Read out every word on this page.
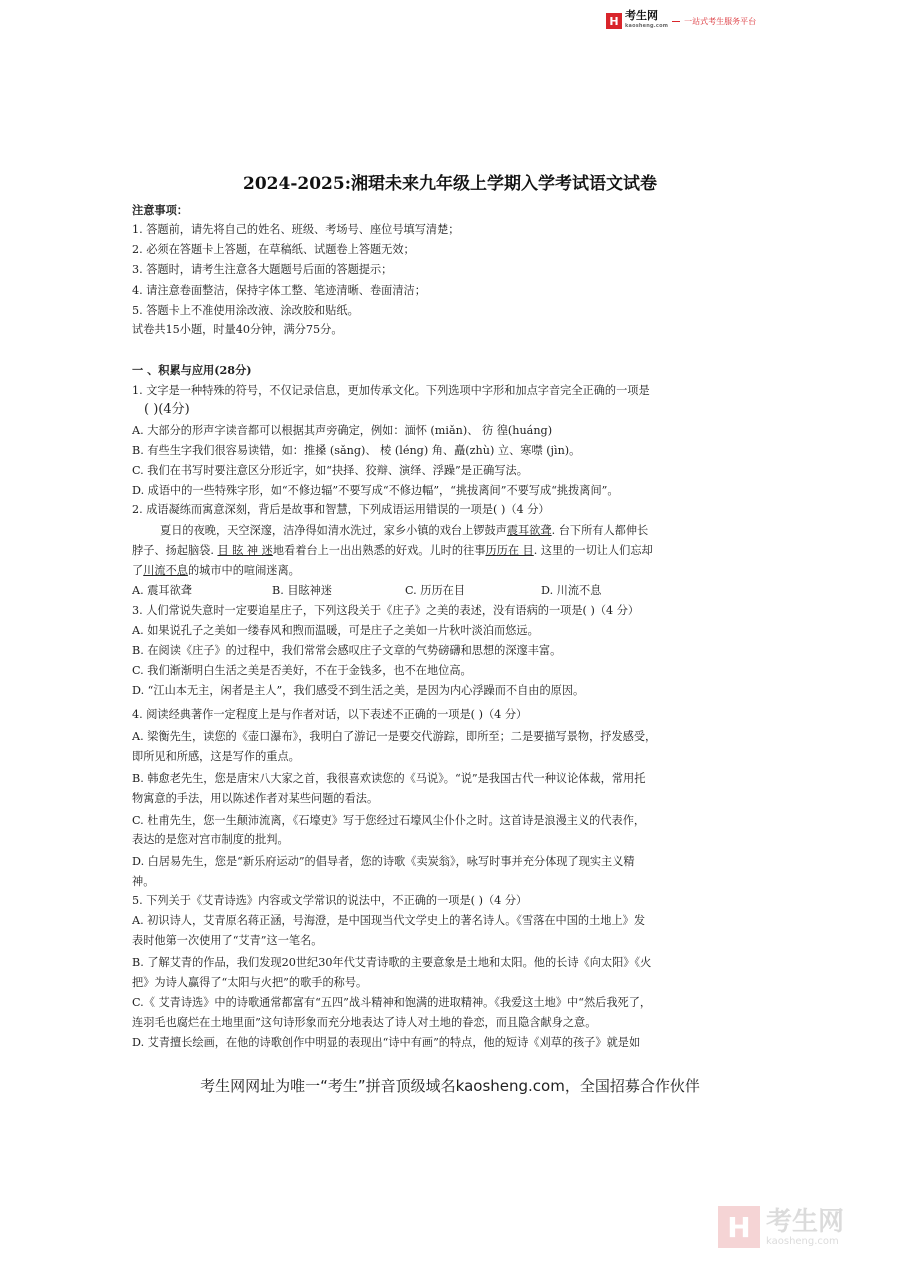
H 考生网
kaosheng.com
一站式考生服务平台
2024-2025:湘珺未来九年级上学期入学考试语文试卷
注意事项：
1. 答题前，请先将自己的姓名、班级、考场号、座位号填写清楚；
2. 必须在答题卡上答题，在草稿纸、试题卷上答题无效；
3. 答题时，请考生注意各大题题号后面的答题提示；
4. 请注意卷面整洁，保持字体工整、笔迹清晰、卷面清洁；
5. 答题卡上不准使用涂改液、涂改胶和贴纸。
试卷共15小题，时量40分钟，满分75分。
一 、积累与应用(28分)
1. 文字是一种特殊的符号，不仅记录信息，更加传承文化。下列选项中字形和加点字音完全正确的一项是
( )(4分)
A. 大部分的形声字读音都可以根据其声旁确定，例如：湎怀 (miǎn)、 彷 徨(huáng)
B. 有些生字我们很容易读错，如：推搡 (sǎng)、 棱 (léng) 角、矗(zhù) 立、寒噤 (jìn)。
C. 我们在书写时要注意区分形近字，如“抉择、狡辩、演绎、浮躁”是正确写法。
D. 成语中的一些特殊字形，如“不修边辐”不要写成“不修边幅”，“挑拔离间”不要写成“挑拨离间”。
2. 成语凝练而寓意深刻，背后是故事和智慧，下列成语运用错误的一项是( )（4 分）
夏日的夜晚，天空深邃，洁净得如清水洗过，家乡小镇的戏台上锣鼓声震耳欲聋. 台下所有人都伸长
脖子、扬起脑袋. 目 眩 神 迷地看着台上一出出熟悉的好戏。儿时的往事历历在 目. 这里的一切让人们忘却
了川流不息的城市中的喧闹迷离。
A. 震耳欲聋	B. 目眩神迷	C. 历历在目	D. 川流不息
3. 人们常说失意时一定要追星庄子，下列这段关于《庄子》之美的表述，没有语病的一项是( )（4 分）
A. 如果说孔子之美如一缕春风和煦而温暖，可是庄子之美如一片秋叶淡泊而悠远。
B. 在阅读《庄子》的过程中，我们常常会感叹庄子文章的气势磅礴和思想的深邃丰富。
C. 我们渐渐明白生活之美是否美好，不在于金钱多，也不在地位高。
D. “江山本无主，闲者是主人”，我们感受不到生活之美，是因为内心浮躁而不自由的原因。
4. 阅读经典著作一定程度上是与作者对话，以下表述不正确的一项是( )（4 分）
A. 梁衡先生，读您的《壶口瀑布》，我明白了游记一是要交代游踪，即所至；二是要描写景物，抒发感受，
即所见和所感，这是写作的重点。
B. 韩愈老先生，您是唐宋八大家之首，我很喜欢读您的《马说》。“说”是我国古代一种议论体裁，常用托
物寓意的手法，用以陈述作者对某些问题的看法。
C. 杜甫先生，您一生颠沛流离，《石壕吏》写于您经过石壕风尘仆仆之时。这首诗是浪漫主义的代表作，
表达的是您对宫市制度的批判。
D. 白居易先生，您是“新乐府运动”的倡导者，您的诗歌《卖炭翁》，咏写时事并充分体现了现实主义精
神。
5. 下列关于《艾青诗选》内容或文学常识的说法中，不正确的一项是( )（4 分）
A. 初识诗人，艾青原名蒋正涵，号海澄，是中国现当代文学史上的著名诗人。《雪落在中国的土地上》发
表时他第一次使用了“艾青”这一笔名。
B. 了解艾青的作品，我们发现20世纪30年代艾青诗歌的主要意象是土地和太阳。他的长诗《向太阳》《火
把》为诗人赢得了“太阳与火把”的歌手的称号。
C.《 艾青诗选》中的诗歌通常都富有“五四”战斗精神和饱满的进取精神。《我爱这土地》中“然后我死了，
连羽毛也腐烂在土地里面”这句诗形象而充分地表达了诗人对土地的眷恋，而且隐含献身之意。
D. 艾青擅长绘画，在他的诗歌创作中明显的表现出“诗中有画”的特点，他的短诗《刈草的孩子》就是如
考生网网址为唯一“考生”拼音顶级域名kaosheng.com，全国招募合作伙伴
H 考生网
kaosheng.com
